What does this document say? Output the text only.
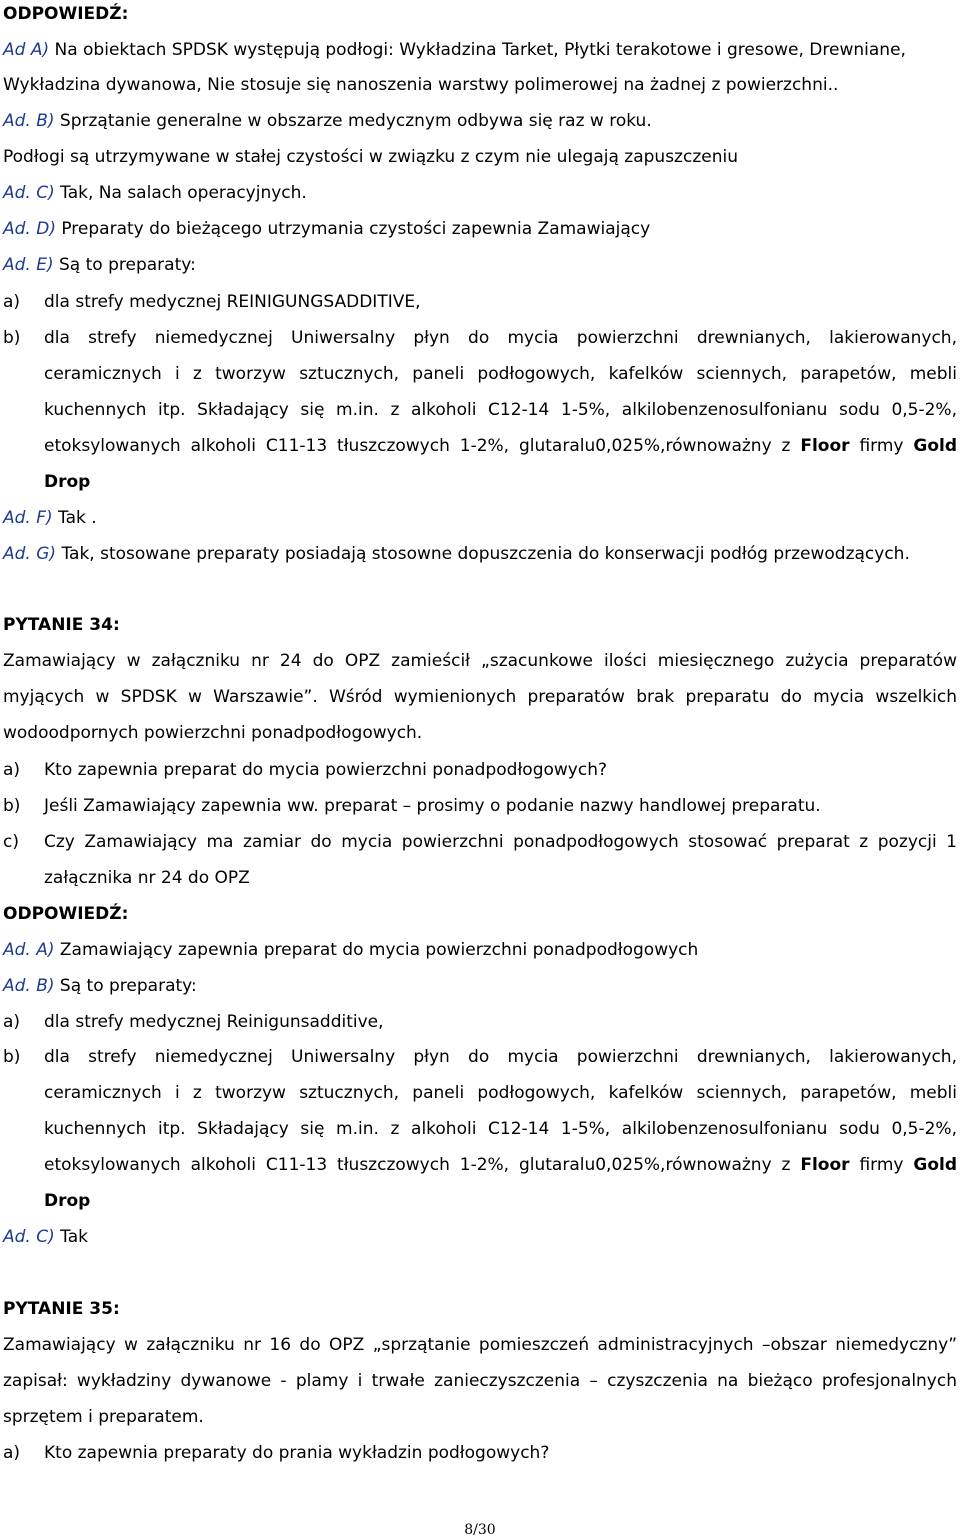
ODPOWIEDŹ:
Ad A) Na obiektach SPDSK występują podłogi: Wykładzina Tarket, Płytki terakotowe i gresowe, Drewniane,
Wykładzina dywanowa, Nie stosuje się nanoszenia warstwy polimerowej na żadnej z powierzchni..
Ad. B) Sprzątanie generalne w obszarze medycznym odbywa się raz w roku.
Podłogi są utrzymywane w stałej czystości w związku z czym nie ulegają zapuszczeniu
Ad. C) Tak, Na salach operacyjnych.
Ad. D) Preparaty do bieżącego utrzymania czystości zapewnia Zamawiający
Ad. E) Są to preparaty:
a) dla strefy medycznej REINIGUNGSADDITIVE,
b) dla strefy niemedycznej Uniwersalny płyn do mycia powierzchni drewnianych, lakierowanych,
ceramicznych i z tworzyw sztucznych, paneli podłogowych, kafelków sciennych, parapetów, mebli
kuchennych itp. Składający się m.in. z alkoholi C12-14 1-5%, alkilobenzenosulfonianu sodu 0,5-2%,
etoksylowanych alkoholi C11-13 tłuszczowych 1-2%, glutaralu0,025%,równoważny z Floor firmy Gold
Drop
Ad. F) Tak .
Ad. G) Tak, stosowane preparaty posiadają stosowne dopuszczenia do konserwacji podłóg przewodzących.
PYTANIE 34:
Zamawiający w załączniku nr 24 do OPZ zamieścił „szacunkowe ilości miesięcznego zużycia preparatów
myjących w SPDSK w Warszawie”. Wśród wymienionych preparatów brak preparatu do mycia wszelkich
wodoodpornych powierzchni ponadpodłogowych.
a) Kto zapewnia preparat do mycia powierzchni ponadpodłogowych?
b) Jeśli Zamawiający zapewnia ww. preparat – prosimy o podanie nazwy handlowej preparatu.
c) Czy Zamawiający ma zamiar do mycia powierzchni ponadpodłogowych stosować preparat z pozycji 1
załącznika nr 24 do OPZ
ODPOWIEDŹ:
Ad. A) Zamawiający zapewnia preparat do mycia powierzchni ponadpodłogowych
Ad. B) Są to preparaty:
a) dla strefy medycznej Reinigunsadditive,
b) dla strefy niemedycznej Uniwersalny płyn do mycia powierzchni drewnianych, lakierowanych,
ceramicznych i z tworzyw sztucznych, paneli podłogowych, kafelków sciennych, parapetów, mebli
kuchennych itp. Składający się m.in. z alkoholi C12-14 1-5%, alkilobenzenosulfonianu sodu 0,5-2%,
etoksylowanych alkoholi C11-13 tłuszczowych 1-2%, glutaralu0,025%,równoważny z Floor firmy Gold
Drop
Ad. C) Tak
PYTANIE 35:
Zamawiający w załączniku nr 16 do OPZ „sprzątanie pomieszczeń administracyjnych –obszar niemedyczny”
zapisał: wykładziny dywanowe - plamy i trwałe zanieczyszczenia – czyszczenia na bieżąco profesjonalnych
sprzętem i preparatem.
a) Kto zapewnia preparaty do prania wykładzin podłogowych?
8/30
